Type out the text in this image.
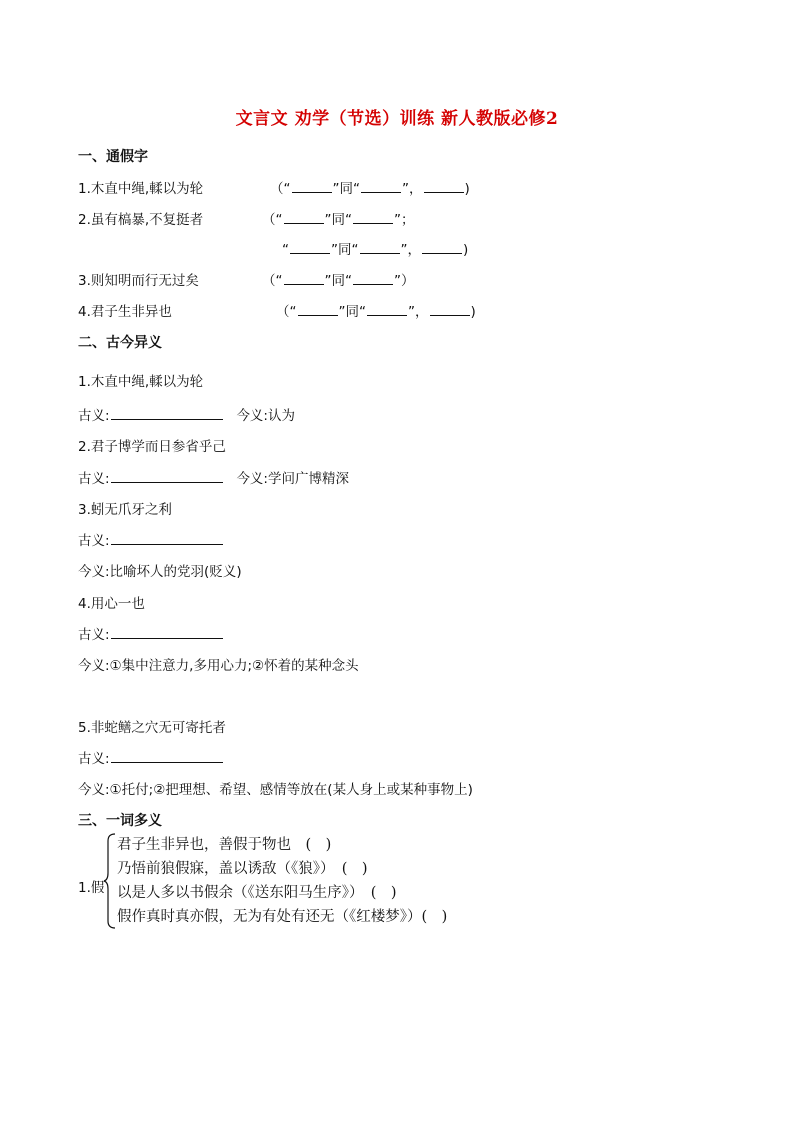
文言文 劝学（节选）训练 新人教版必修2
一、通假字
1.木直中绳,輮以为轮	（“	”同“	”，	)
2.虽有槁暴,不复挺者	（“	”同“	”；
“	”同“	”，	)
3.则知明而行无过矣	（“	”同“	”）
4.君子生非异也	（“	”同“	”，	)
二、古今异义
1.木直中绳,輮以为轮
古义:	今义:认为
2.君子博学而日参省乎己
古义:	今义:学问广博精深
3.蚓无爪牙之利
古义:
今义:比喻坏人的党羽(贬义)
4.用心一也
古义:
今义:①集中注意力,多用心力;②怀着的某种念头
5.非蛇鳝之穴无可寄托者
古义:
今义:①托付;②把理想、希望、感情等放在(某人身上或某种事物上)
三、一词多义
1.假
君子生非异也，善假于物也　(　)
乃悟前狼假寐，盖以诱敌（《狼》）　(　)
以是人多以书假余（《送东阳马生序》）　(　)
假作真时真亦假，无为有处有还无（《红楼梦》）(　)
